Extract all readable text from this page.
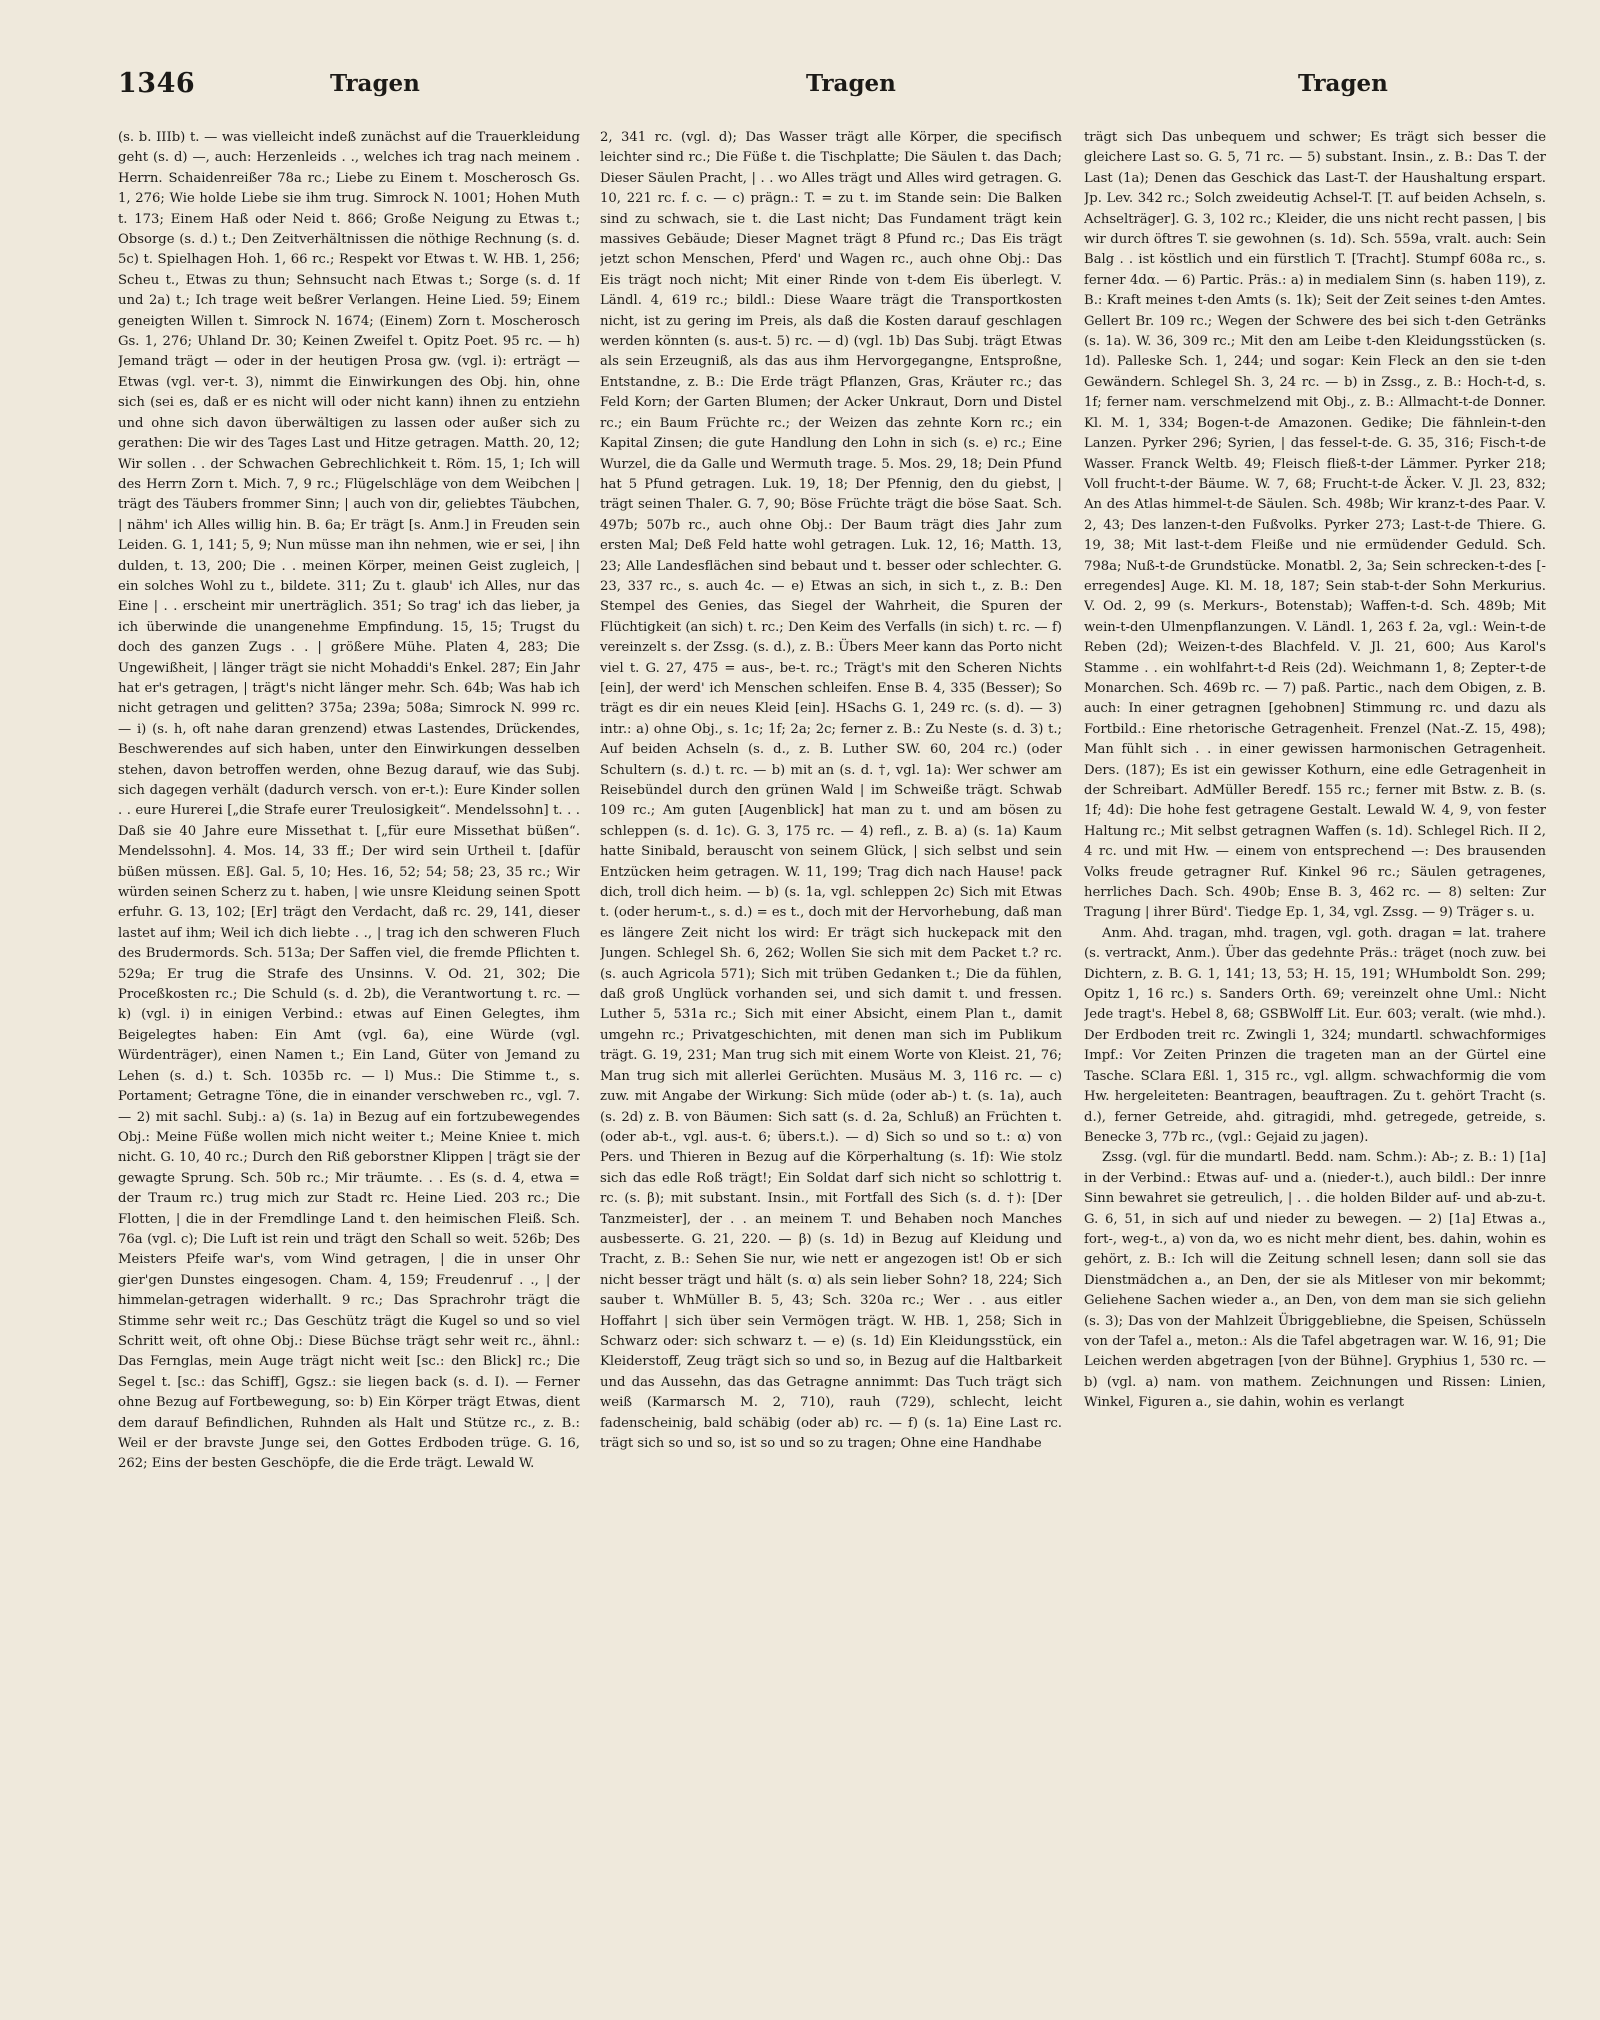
1346	Tragen	Tragen	Tragen

(s. b. IIIb) t. — was vielleicht indeß zunächst auf die Trauerkleidung geht (s. d) —, auch: Herzenleids . ., welches ich trag nach meinem . Herrn. Schaidenreißer 78a rc.; Liebe zu Einem t. Moscherosch Gs. 1, 276; Wie holde Liebe sie ihm trug. Simrock N. 1001; Hohen Muth t. 173; Einem Haß oder Neid t. 866; Große Neigung zu Etwas t.; Obsorge (s. d.) t.; Den Zeitverhältnissen die nöthige Rechnung (s. d. 5c) t. Spielhagen Hoh. 1, 66 rc.; Respekt vor Etwas t. W. HB. 1, 256; Scheu t., Etwas zu thun; Sehnsucht nach Etwas t.; Sorge (s. d. 1f und 2a) t.; Ich trage weit beßrer Verlangen. Heine Lied. 59; Einem geneigten Willen t. Simrock N. 1674; (Einem) Zorn t. Moscherosch Gs. 1, 276; Uhland Dr. 30; Keinen Zweifel t. Opitz Poet. 95 rc. — h) Jemand trägt — oder in der heutigen Prosa gw. (vgl. i): erträgt — Etwas (vgl. ver-t. 3), nimmt die Einwirkungen des Obj. hin, ohne sich (sei es, daß er es nicht will oder nicht kann) ihnen zu entziehn und ohne sich davon überwältigen zu lassen oder außer sich zu gerathen: Die wir des Tages Last und Hitze getragen. Matth. 20, 12; Wir sollen . . der Schwachen Gebrechlichkeit t. Röm. 15, 1; Ich will des Herrn Zorn t. Mich. 7, 9 rc.; Flügelschläge von dem Weibchen | trägt des Täubers frommer Sinn; | auch von dir, geliebtes Täubchen, | nähm' ich Alles willig hin. B. 6a; Er trägt [s. Anm.] in Freuden sein Leiden. G. 1, 141; 5, 9; Nun müsse man ihn nehmen, wie er sei, | ihn dulden, t. 13, 200; Die . . meinen Körper, meinen Geist zugleich, | ein solches Wohl zu t., bildete. 311; Zu t. glaub' ich Alles, nur das Eine | . . erscheint mir unerträglich. 351; So trag' ich das lieber, ja ich überwinde die unangenehme Empfindung. 15, 15; Trugst du doch des ganzen Zugs . . | größere Mühe. Platen 4, 283; Die Ungewißheit, | länger trägt sie nicht Mohaddi's Enkel. 287; Ein Jahr hat er's getragen, | trägt's nicht länger mehr. Sch. 64b; Was hab ich nicht getragen und gelitten? 375a; 239a; 508a; Simrock N. 999 rc. — i) (s. h, oft nahe daran grenzend) etwas Lastendes, Drückendes, Beschwerendes auf sich haben, unter den Einwirkungen desselben stehen, davon betroffen werden, ohne Bezug darauf, wie das Subj. sich dagegen verhält (dadurch versch. von er-t.): Eure Kinder sollen . . eure Hurerei [„die Strafe eurer Treulosigkeit“. Mendelssohn] t. . . Daß sie 40 Jahre eure Missethat t. [„für eure Missethat büßen“. Mendelssohn]. 4. Mos. 14, 33 ff.; Der wird sein Urtheil t. [dafür büßen müssen. Eß]. Gal. 5, 10; Hes. 16, 52; 54; 58; 23, 35 rc.; Wir würden seinen Scherz zu t. haben, | wie unsre Kleidung seinen Spott erfuhr. G. 13, 102; [Er] trägt den Verdacht, daß rc. 29, 141, dieser lastet auf ihm; Weil ich dich liebte . ., | trag ich den schweren Fluch des Brudermords. Sch. 513a; Der Saffen viel, die fremde Pflichten t. 529a; Er trug die Strafe des Unsinns. V. Od. 21, 302; Die Proceßkosten rc.; Die Schuld (s. d. 2b), die Verantwortung t. rc. — k) (vgl. i) in einigen Verbind.: etwas auf Einen Gelegtes, ihm Beigelegtes haben: Ein Amt (vgl. 6a), eine Würde (vgl. Würdenträger), einen Namen t.; Ein Land, Güter von Jemand zu Lehen (s. d.) t. Sch. 1035b rc. — l) Mus.: Die Stimme t., s. Portament; Getragne Töne, die in einander verschweben rc., vgl. 7. — 2) mit sachl. Subj.: a) (s. 1a) in Bezug auf ein fortzubewegendes Obj.: Meine Füße wollen mich nicht weiter t.; Meine Kniee t. mich nicht. G. 10, 40 rc.; Durch den Riß geborstner Klippen | trägt sie der gewagte Sprung. Sch. 50b rc.; Mir träumte. . . Es (s. d. 4, etwa = der Traum rc.) trug mich zur Stadt rc. Heine Lied. 203 rc.; Die Flotten, | die in der Fremdlinge Land t. den heimischen Fleiß. Sch. 76a (vgl. c); Die Luft ist rein und trägt den Schall so weit. 526b; Des Meisters Pfeife war's, vom Wind getragen, | die in unser Ohr gier'gen Dunstes eingesogen. Cham. 4, 159; Freudenruf . ., | der himmelan-getragen widerhallt. 9 rc.; Das Sprachrohr trägt die Stimme sehr weit rc.; Das Geschütz trägt die Kugel so und so viel Schritt weit, oft ohne Obj.: Diese Büchse trägt sehr weit rc., ähnl.: Das Fernglas, mein Auge trägt nicht weit [sc.: den Blick] rc.; Die Segel t. [sc.: das Schiff], Ggsz.: sie liegen back (s. d. I). — Ferner ohne Bezug auf Fortbewegung, so: b) Ein Körper trägt Etwas, dient dem darauf Befindlichen, Ruhnden als Halt und Stütze rc., z. B.: Weil er der bravste Junge sei, den Gottes Erdboden trüge. G. 16, 262; Eins der besten Geschöpfe, die die Erde trägt. Lewald W.

2, 341 rc. (vgl. d); Das Wasser trägt alle Körper, die specifisch leichter sind rc.; Die Füße t. die Tischplatte; Die Säulen t. das Dach; Dieser Säulen Pracht, | . . wo Alles trägt und Alles wird getragen. G. 10, 221 rc. f. c. — c) prägn.: T. = zu t. im Stande sein: Die Balken sind zu schwach, sie t. die Last nicht; Das Fundament trägt kein massives Gebäude; Dieser Magnet trägt 8 Pfund rc.; Das Eis trägt jetzt schon Menschen, Pferd' und Wagen rc., auch ohne Obj.: Das Eis trägt noch nicht; Mit einer Rinde von t-dem Eis überlegt. V. Ländl. 4, 619 rc.; bildl.: Diese Waare trägt die Transportkosten nicht, ist zu gering im Preis, als daß die Kosten darauf geschlagen werden könnten (s. aus-t. 5) rc. — d) (vgl. 1b) Das Subj. trägt Etwas als sein Erzeugniß, als das aus ihm Hervorgegangne, Entsproßne, Entstandne, z. B.: Die Erde trägt Pflanzen, Gras, Kräuter rc.; das Feld Korn; der Garten Blumen; der Acker Unkraut, Dorn und Distel rc.; ein Baum Früchte rc.; der Weizen das zehnte Korn rc.; ein Kapital Zinsen; die gute Handlung den Lohn in sich (s. e) rc.; Eine Wurzel, die da Galle und Wermuth trage. 5. Mos. 29, 18; Dein Pfund hat 5 Pfund getragen. Luk. 19, 18; Der Pfennig, den du giebst, | trägt seinen Thaler. G. 7, 90; Böse Früchte trägt die böse Saat. Sch. 497b; 507b rc., auch ohne Obj.: Der Baum trägt dies Jahr zum ersten Mal; Deß Feld hatte wohl getragen. Luk. 12, 16; Matth. 13, 23; Alle Landesflächen sind bebaut und t. besser oder schlechter. G. 23, 337 rc., s. auch 4c. — e) Etwas an sich, in sich t., z. B.: Den Stempel des Genies, das Siegel der Wahrheit, die Spuren der Flüchtigkeit (an sich) t. rc.; Den Keim des Verfalls (in sich) t. rc. — f) vereinzelt s. der Zssg. (s. d.), z. B.: Übers Meer kann das Porto nicht viel t. G. 27, 475 = aus-, be-t. rc.; Trägt's mit den Scheren Nichts [ein], der werd' ich Menschen schleifen. Ense B. 4, 335 (Besser); So trägt es dir ein neues Kleid [ein]. HSachs G. 1, 249 rc. (s. d). — 3) intr.: a) ohne Obj., s. 1c; 1f; 2a; 2c; ferner z. B.: Zu Neste (s. d. 3) t.; Auf beiden Achseln (s. d., z. B. Luther SW. 60, 204 rc.) (oder Schultern (s. d.) t. rc. — b) mit an (s. d. †, vgl. 1a): Wer schwer am Reisebündel durch den grünen Wald | im Schweiße trägt. Schwab 109 rc.; Am guten [Augenblick] hat man zu t. und am bösen zu schleppen (s. d. 1c). G. 3, 175 rc. — 4) refl., z. B. a) (s. 1a) Kaum hatte Sinibald, berauscht von seinem Glück, | sich selbst und sein Entzücken heim getragen. W. 11, 199; Trag dich nach Hause! pack dich, troll dich heim. — b) (s. 1a, vgl. schleppen 2c) Sich mit Etwas t. (oder herum-t., s. d.) = es t., doch mit der Hervorhebung, daß man es längere Zeit nicht los wird: Er trägt sich huckepack mit den Jungen. Schlegel Sh. 6, 262; Wollen Sie sich mit dem Packet t.? rc. (s. auch Agricola 571); Sich mit trüben Gedanken t.; Die da fühlen, daß groß Unglück vorhanden sei, und sich damit t. und fressen. Luther 5, 531a rc.; Sich mit einer Absicht, einem Plan t., damit umgehn rc.; Privatgeschichten, mit denen man sich im Publikum trägt. G. 19, 231; Man trug sich mit einem Worte von Kleist. 21, 76; Man trug sich mit allerlei Gerüchten. Musäus M. 3, 116 rc. — c) zuw. mit Angabe der Wirkung: Sich müde (oder ab-) t. (s. 1a), auch (s. 2d) z. B. von Bäumen: Sich satt (s. d. 2a, Schluß) an Früchten t. (oder ab-t., vgl. aus-t. 6; übers.t.). — d) Sich so und so t.: α) von Pers. und Thieren in Bezug auf die Körperhaltung (s. 1f): Wie stolz sich das edle Roß trägt!; Ein Soldat darf sich nicht so schlottrig t. rc. (s. β); mit substant. Insin., mit Fortfall des Sich (s. d. †): [Der Tanzmeister], der . . an meinem T. und Behaben noch Manches ausbesserte. G. 21, 220. — β) (s. 1d) in Bezug auf Kleidung und Tracht, z. B.: Sehen Sie nur, wie nett er angezogen ist! Ob er sich nicht besser trägt und hält (s. α) als sein lieber Sohn? 18, 224; Sich sauber t. WhMüller B. 5, 43; Sch. 320a rc.; Wer . . aus eitler Hoffahrt | sich über sein Vermögen trägt. W. HB. 1, 258; Sich in Schwarz oder: sich schwarz t. — e) (s. 1d) Ein Kleidungsstück, ein Kleiderstoff, Zeug trägt sich so und so, in Bezug auf die Haltbarkeit und das Aussehn, das das Getragne annimmt: Das Tuch trägt sich weiß (Karmarsch M. 2, 710), rauh (729), schlecht, leicht fadenscheinig, bald schäbig (oder ab) rc. — f) (s. 1a) Eine Last rc. trägt sich so und so, ist so und so zu tragen; Ohne eine Handhabe

trägt sich Das unbequem und schwer; Es trägt sich besser die gleichere Last so. G. 5, 71 rc. — 5) substant. Insin., z. B.: Das T. der Last (1a); Denen das Geschick das Last-T. der Haushaltung erspart. Jp. Lev. 342 rc.; Solch zweideutig Achsel-T. [T. auf beiden Achseln, s. Achselträger]. G. 3, 102 rc.; Kleider, die uns nicht recht passen, | bis wir durch öftres T. sie gewohnen (s. 1d). Sch. 559a, vralt. auch: Sein Balg . . ist köstlich und ein fürstlich T. [Tracht]. Stumpf 608a rc., s. ferner 4dα. — 6) Partic. Präs.: a) in medialem Sinn (s. haben 119), z. B.: Kraft meines t-den Amts (s. 1k); Seit der Zeit seines t-den Amtes. Gellert Br. 109 rc.; Wegen der Schwere des bei sich t-den Getränks (s. 1a). W. 36, 309 rc.; Mit den am Leibe t-den Kleidungsstücken (s. 1d). Palleske Sch. 1, 244; und sogar: Kein Fleck an den sie t-den Gewändern. Schlegel Sh. 3, 24 rc. — b) in Zssg., z. B.: Hoch-t-d, s. 1f; ferner nam. verschmelzend mit Obj., z. B.: Allmacht-t-de Donner. Kl. M. 1, 334; Bogen-t-de Amazonen. Gedike; Die fähnlein-t-den Lanzen. Pyrker 296; Syrien, | das fessel-t-de. G. 35, 316; Fisch-t-de Wasser. Franck Weltb. 49; Fleisch fließ-t-der Lämmer. Pyrker 218; Voll frucht-t-der Bäume. W. 7, 68; Frucht-t-de Äcker. V. Jl. 23, 832; An des Atlas himmel-t-de Säulen. Sch. 498b; Wir kranz-t-des Paar. V. 2, 43; Des lanzen-t-den Fußvolks. Pyrker 273; Last-t-de Thiere. G. 19, 38; Mit last-t-dem Fleiße und nie ermüdender Geduld. Sch. 798a; Nuß-t-de Grundstücke. Monatbl. 2, 3a; Sein schrecken-t-des [-erregendes] Auge. Kl. M. 18, 187; Sein stab-t-der Sohn Merkurius. V. Od. 2, 99 (s. Merkurs-, Botenstab); Waffen-t-d. Sch. 489b; Mit wein-t-den Ulmenpflanzungen. V. Ländl. 1, 263 f. 2a, vgl.: Wein-t-de Reben (2d); Weizen-t-des Blachfeld. V. Jl. 21, 600; Aus Karol's Stamme . . ein wohlfahrt-t-d Reis (2d). Weichmann 1, 8; Zepter-t-de Monarchen. Sch. 469b rc. — 7) paß. Partic., nach dem Obigen, z. B. auch: In einer getragnen [gehobnen] Stimmung rc. und dazu als Fortbild.: Eine rhetorische Getragenheit. Frenzel (Nat.-Z. 15, 498); Man fühlt sich . . in einer gewissen harmonischen Getragenheit. Ders. (187); Es ist ein gewisser Kothurn, eine edle Getragenheit in der Schreibart. AdMüller Beredf. 155 rc.; ferner mit Bstw. z. B. (s. 1f; 4d): Die hohe fest getragene Gestalt. Lewald W. 4, 9, von fester Haltung rc.; Mit selbst getragnen Waffen (s. 1d). Schlegel Rich. II 2, 4 rc. und mit Hw. — einem von entsprechend —: Des brausenden Volks freude getragner Ruf. Kinkel 96 rc.; Säulen getragenes, herrliches Dach. Sch. 490b; Ense B. 3, 462 rc. — 8) selten: Zur Tragung | ihrer Bürd'. Tiedge Ep. 1, 34, vgl. Zssg. — 9) Träger s. u.

Anm. Ahd. tragan, mhd. tragen, vgl. goth. dragan = lat. trahere (s. vertrackt, Anm.). Über das gedehnte Präs.: träget (noch zuw. bei Dichtern, z. B. G. 1, 141; 13, 53; H. 15, 191; WHumboldt Son. 299; Opitz 1, 16 rc.) s. Sanders Orth. 69; vereinzelt ohne Uml.: Nicht Jede tragt's. Hebel 8, 68; GSBWolff Lit. Eur. 603; veralt. (wie mhd.). Der Erdboden treit rc. Zwingli 1, 324; mundartl. schwachformiges Impf.: Vor Zeiten Prinzen die trageten man an der Gürtel eine Tasche. SClara Eßl. 1, 315 rc., vgl. allgm. schwachformig die vom Hw. hergeleiteten: Beantragen, beauftragen. Zu t. gehört Tracht (s. d.), ferner Getreide, ahd. gitragidi, mhd. getregede, getreide, s. Benecke 3, 77b rc., (vgl.: Gejaid zu jagen).

Zssg. (vgl. für die mundartl. Bedd. nam. Schm.): Ab-; z. B.: 1) [1a] in der Verbind.: Etwas auf- und a. (nieder-t.), auch bildl.: Der innre Sinn bewahret sie getreulich, | . . die holden Bilder auf- und ab-zu-t. G. 6, 51, in sich auf und nieder zu bewegen. — 2) [1a] Etwas a., fort-, weg-t., a) von da, wo es nicht mehr dient, bes. dahin, wohin es gehört, z. B.: Ich will die Zeitung schnell lesen; dann soll sie das Dienstmädchen a., an Den, der sie als Mitleser von mir bekommt; Geliehene Sachen wieder a., an Den, von dem man sie sich geliehn (s. 3); Das von der Mahlzeit Übriggebliebne, die Speisen, Schüsseln von der Tafel a., meton.: Als die Tafel abgetragen war. W. 16, 91; Die Leichen werden abgetragen [von der Bühne]. Gryphius 1, 530 rc. — b) (vgl. a) nam. von mathem. Zeichnungen und Rissen: Linien, Winkel, Figuren a., sie dahin, wohin es verlangt
